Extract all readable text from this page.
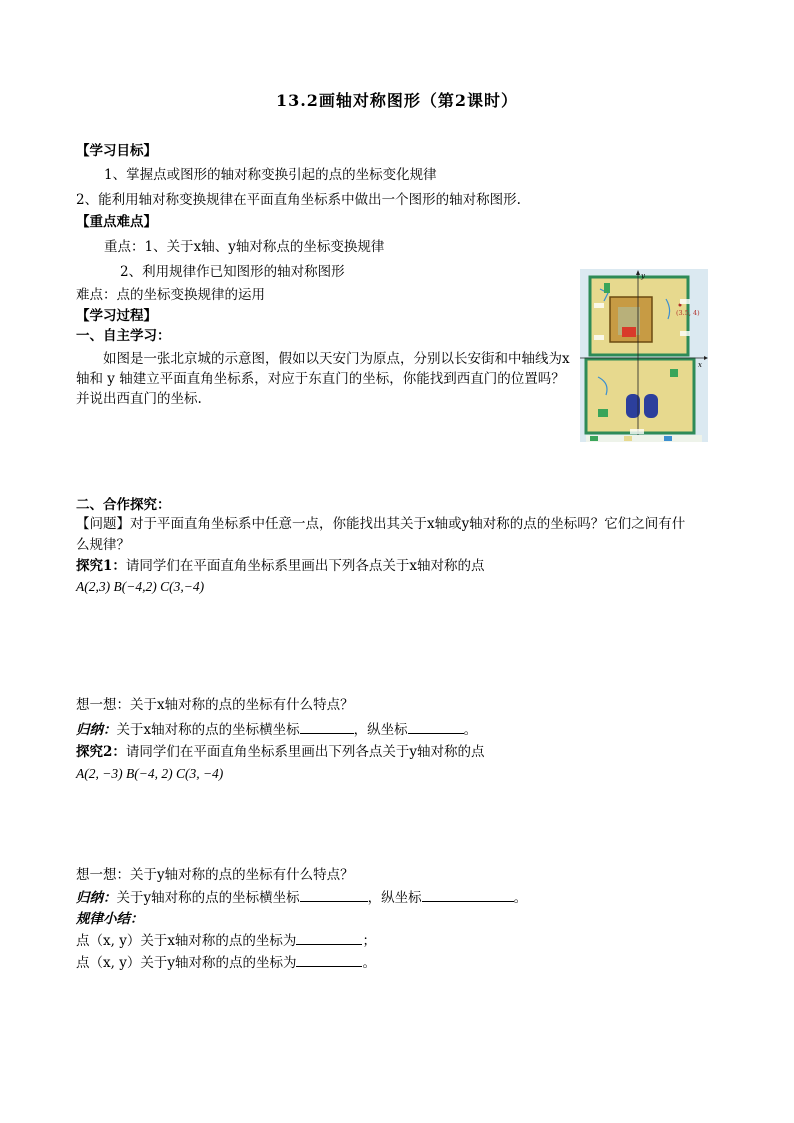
13.2画轴对称图形（第2课时）
【学习目标】
1、掌握点或图形的轴对称变换引起的点的坐标变化规律
2、能利用轴对称变换规律在平面直角坐标系中做出一个图形的轴对称图形.
【重点难点】
重点：1、关于x轴、y轴对称点的坐标变换规律
2、利用规律作已知图形的轴对称图形
难点：点的坐标变换规律的运用
【学习过程】
一、自主学习：
如图是一张北京城的示意图，假如以天安门为原点，分别以长安街和中轴线为x 轴和 y 轴建立平面直角坐标系，对应于东直门的坐标，你能找到西直门的位置吗？并说出西直门的坐标.
x
y
(3.5, 4)
二、合作探究：
【问题】对于平面直角坐标系中任意一点，你能找出其关于x轴或y轴对称的点的坐标吗？它们之间有什
么规律？
探究1：请同学们在平面直角坐标系里画出下列各点关于x轴对称的点
A(2,3) B(−4,2) C(3,−4)
想一想：关于x轴对称的点的坐标有什么特点？
归纳：关于x轴对称的点的坐标横坐标	，纵坐标	。
探究2：请同学们在平面直角坐标系里画出下列各点关于y轴对称的点
A(2, −3) B(−4, 2) C(3, −4)
想一想：关于y轴对称的点的坐标有什么特点？
归纳：关于y轴对称的点的坐标横坐标	，纵坐标	。
规律小结：
点（x, y）关于x轴对称的点的坐标为	；
点（x, y）关于y轴对称的点的坐标为	。
